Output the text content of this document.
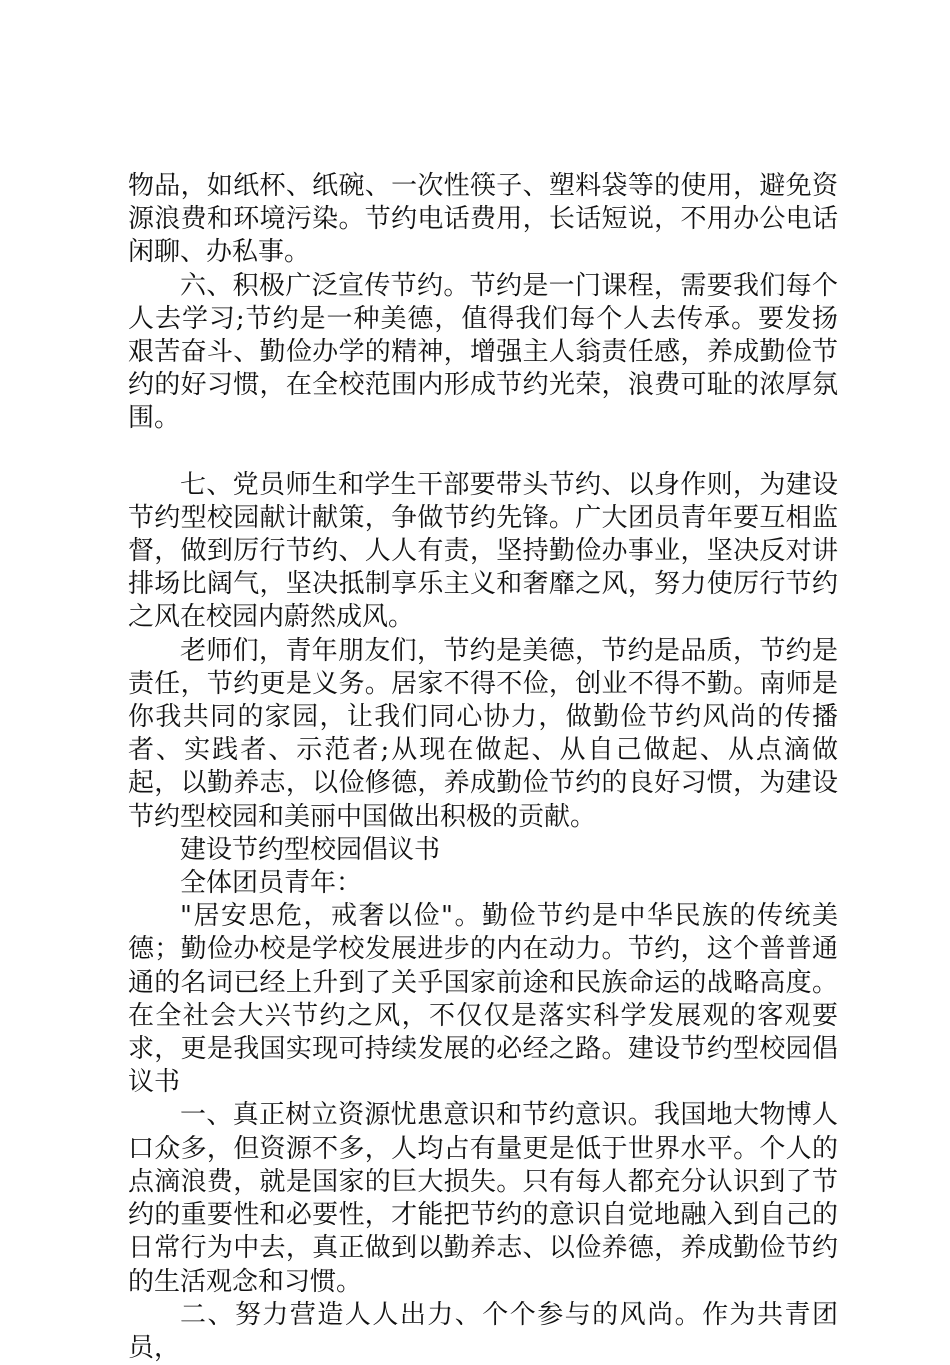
物品，如纸杯、纸碗、一次性筷子、塑料袋等的使用，避免资源浪费和环境污染。节约电话费用，长话短说，不用办公电话闲聊、办私事。

六、积极广泛宣传节约。节约是一门课程，需要我们每个人去学习;节约是一种美德，值得我们每个人去传承。要发扬艰苦奋斗、勤俭办学的精神，增强主人翁责任感，养成勤俭节约的好习惯，在全校范围内形成节约光荣，浪费可耻的浓厚氛围。

七、党员师生和学生干部要带头节约、以身作则，为建设节约型校园献计献策，争做节约先锋。广大团员青年要互相监督，做到厉行节约、人人有责，坚持勤俭办事业，坚决反对讲排场比阔气，坚决抵制享乐主义和奢靡之风，努力使厉行节约之风在校园内蔚然成风。

老师们，青年朋友们，节约是美德，节约是品质，节约是责任，节约更是义务。居家不得不俭，创业不得不勤。南师是你我共同的家园，让我们同心协力，做勤俭节约风尚的传播者、实践者、示范者;从现在做起、从自己做起、从点滴做起，以勤养志，以俭修德，养成勤俭节约的良好习惯，为建设节约型校园和美丽中国做出积极的贡献。

建设节约型校园倡议书

全体团员青年：

"居安思危，戒奢以俭"。勤俭节约是中华民族的传统美德；勤俭办校是学校发展进步的内在动力。节约，这个普普通通的名词已经上升到了关乎国家前途和民族命运的战略高度。在全社会大兴节约之风，不仅仅是落实科学发展观的客观要求，更是我国实现可持续发展的必经之路。建设节约型校园倡议书

一、真正树立资源忧患意识和节约意识。我国地大物博人口众多，但资源不多，人均占有量更是低于世界水平。个人的点滴浪费，就是国家的巨大损失。只有每人都充分认识到了节约的重要性和必要性，才能把节约的意识自觉地融入到自己的日常行为中去，真正做到以勤养志、以俭养德，养成勤俭节约的生活观念和习惯。

二、努力营造人人出力、个个参与的风尚。作为共青团员，
